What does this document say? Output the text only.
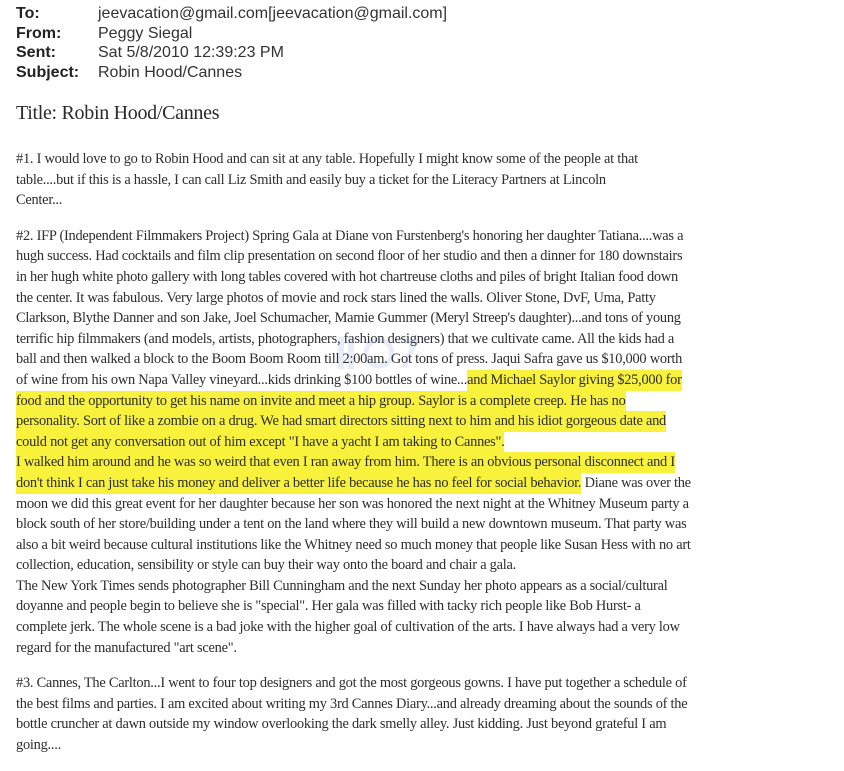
To:	jeevacation@gmail.com[jeevacation@gmail.com]
From:	Peggy Siegal
Sent:	Sat 5/8/2010 12:39:23 PM
Subject:	Robin Hood/Cannes
Title: Robin Hood/Cannes
#1. I would love to go to Robin Hood and can sit at any table. Hopefully I might know some of the people at that
table....but if this is a hassle, I can call Liz Smith and easily buy a ticket for the Literacy Partners at Lincoln
Center...
#2. IFP (Independent Filmmakers Project) Spring Gala at Diane von Furstenberg's honoring her daughter Tatiana....was a
hugh success. Had cocktails and film clip presentation on second floor of her studio and then a dinner for 180 downstairs
in her hugh white photo gallery with long tables covered with hot chartreuse cloths and piles of bright Italian food down
the center. It was fabulous. Very large photos of movie and rock stars lined the walls. Oliver Stone, DvF, Uma, Patty
Clarkson, Blythe Danner and son Jake, Joel Schumacher, Mamie Gummer (Meryl Streep's daughter)...and tons of young
terrific hip filmmakers (and models, artists, photographers, fashion designers) that we cultivate came. All the kids had a
ball and then walked a block to the Boom Boom Room till 2:00am. Got tons of press. Jaqui Safra gave us $10,000 worth
of wine from his own Napa Valley vineyard...kids drinking $100 bottles of wine...and Michael Saylor giving $25,000 for
food and the opportunity to get his name on invite and meet a hip group. Saylor is a complete creep. He has no
personality. Sort of like a zombie on a drug. We had smart directors sitting next to him and his idiot gorgeous date and
could not get any conversation out of him except "I have a yacht I am taking to Cannes".
I walked him around and he was so weird that even I ran away from him. There is an obvious personal disconnect and I
don't think I can just take his money and deliver a better life because he has no feel for social behavior. Diane was over the
moon we did this great event for her daughter because her son was honored the next night at the Whitney Museum party a
block south of her store/building under a tent on the land where they will build a new downtown museum. That party was
also a bit weird because cultural institutions like the Whitney need so much money that people like Susan Hess with no art
collection, education, sensibility or style can buy their way onto the board and chair a gala.
The New York Times sends photographer Bill Cunningham and the next Sunday her photo appears as a social/cultural
doyanne and people begin to believe she is "special". Her gala was filled with tacky rich people like Bob Hurst- a
complete jerk. The whole scene is a bad joke with the higher goal of cultivation of the arts. I have always had a very low
regard for the manufactured "art scene".
#3. Cannes, The Carlton...I went to four top designers and got the most gorgeous gowns. I have put together a schedule of
the best films and parties. I am excited about writing my 3rd Cannes Diary...and already dreaming about the sounds of the
bottle cruncher at dawn outside my window overlooking the dark smelly alley. Just kidding. Just beyond grateful I am
going....
